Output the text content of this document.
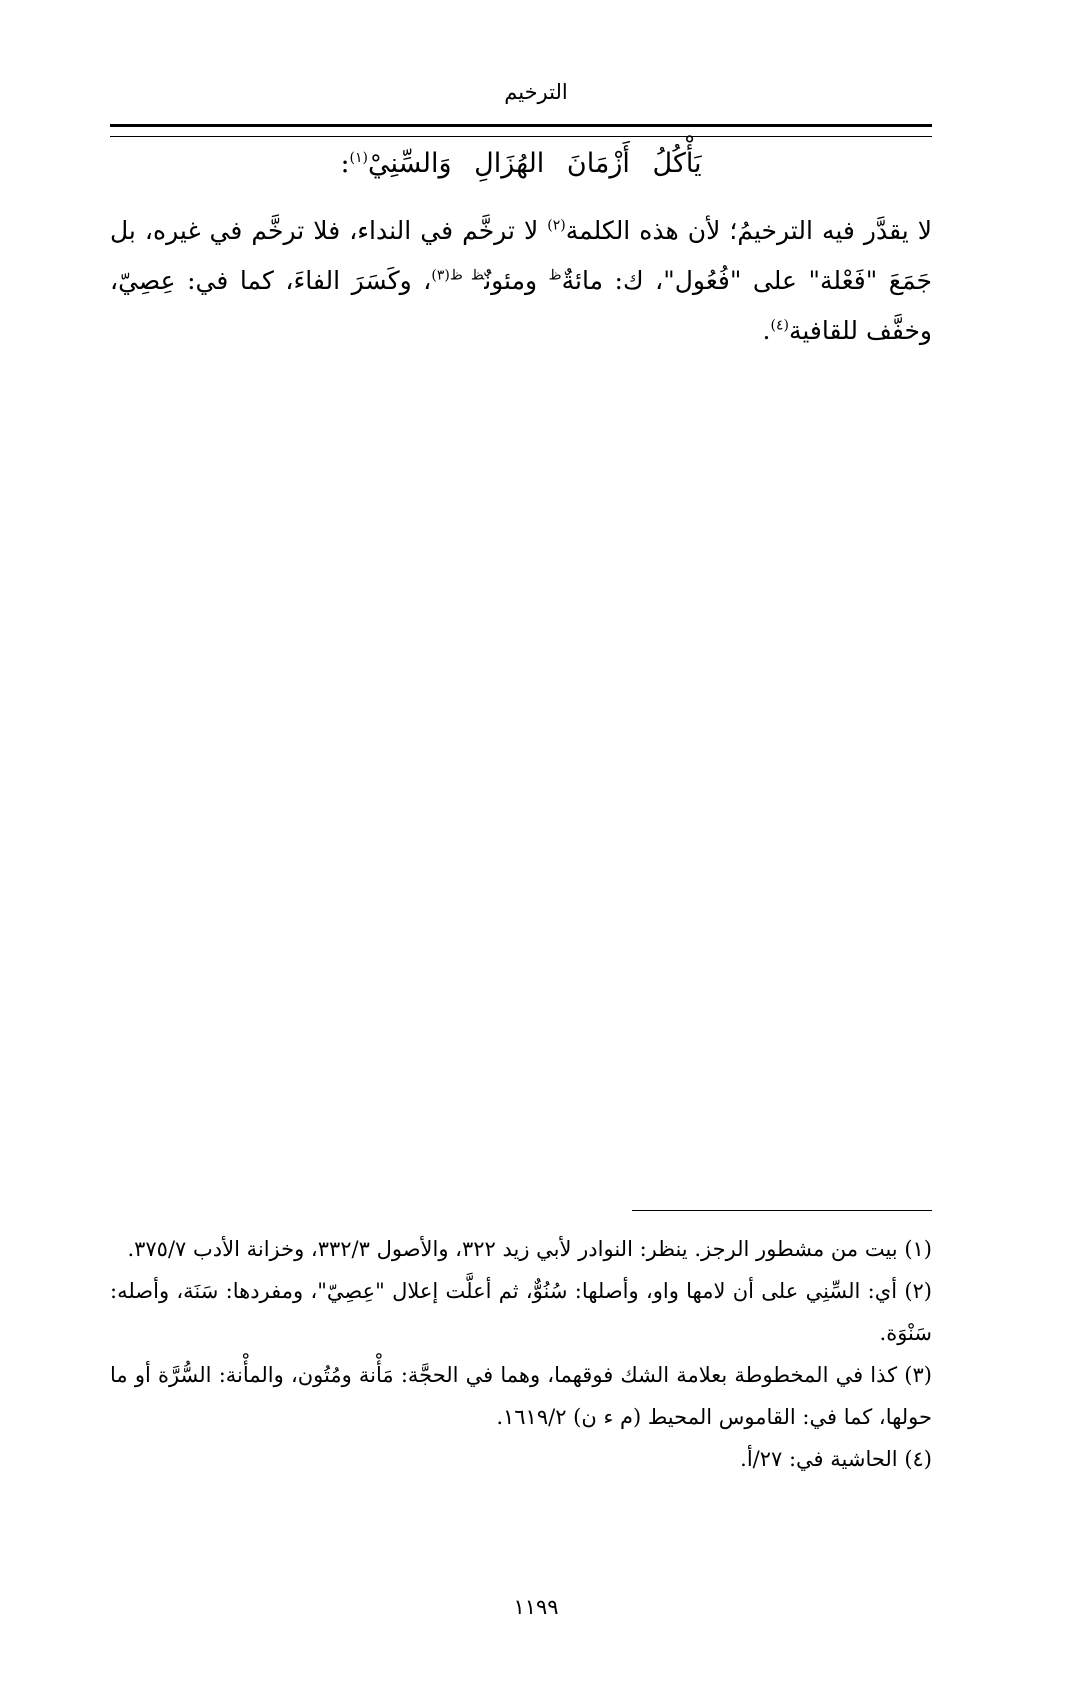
الترخيم
يَأْكُلُ أَزْمَانَ الهُزَالِ وَالسِّنِيْ$^{(١)}$:

لا يقدَّر فيه الترخيمُ؛ لأن هذه الكلمة$^{(٢)}$ لا ترخَّم في النداء، فلا ترخَّم في غيره، بل جَمَعَ "فَعْلة" على "فُعُول"، ك: مائةٌ$^ظ$ ومئونٌ$^{ظ ظ(٣)}$، وكَسَرَ الفاءَ، كما في: عِصِيّ، وخفَّف للقافية$^{(٤)}$.

(١) بيت من مشطور الرجز. ينظر: النوادر لأبي زيد ٣٢٢، والأصول ٣٣٢/٣، وخزانة الأدب ٣٧٥/٧.

(٢) أي: السِّنِي على أن لامها واو، وأصلها: سُنُوٌّ، ثم أعلَّت إعلال "عِصِيّ"، ومفردها: سَنَة، وأصله: سَنْوَة.

(٣) كذا في المخطوطة بعلامة الشك فوقهما، وهما في الحجَّة: مَأْنة ومُتُون، والمأْنة: السُّرَّة أو ما حولها، كما في: القاموس المحيط (م ء ن) ١٦١٩/٢.

(٤) الحاشية في: ٢٧/أ.

١١٩٩
